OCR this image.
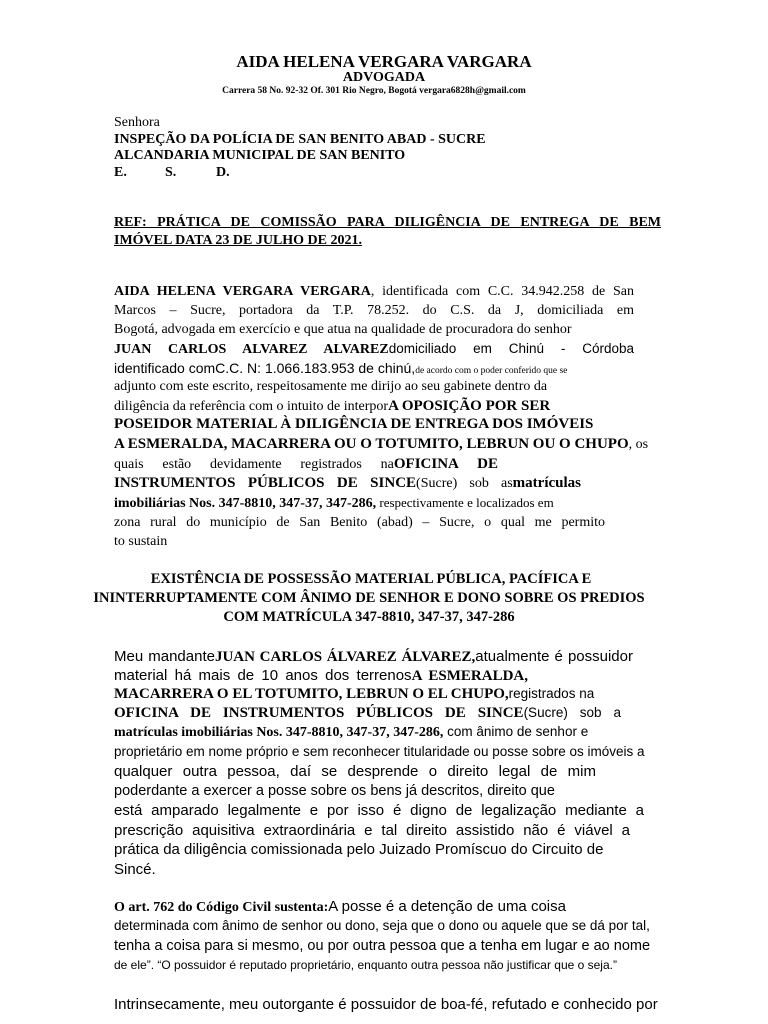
AIDA HELENA VERGARA VARGARA
ADVOGADA
Carrera 58 No. 92-32 Of. 301 Rio Negro, Bogotá vergara6828h@gmail.com
Senhora
INSPEÇÃO DA POLÍCIA DE SAN BENITO ABAD - SUCRE
ALCANDARIA MUNICIPAL DE SAN BENITO
E.	S.	D.
REF: PRÁTICA DE COMISSÃO PARA DILIGÊNCIA DE ENTREGA DE BEM
IMÓVEL DATA 23 DE JULHO DE 2021.
AIDA HELENA VERGARA VERGARA, identificada com C.C. 34.942.258 de San
Marcos – Sucre, portadora da T.P. 78.252. do C.S. da J, domiciliada em
Bogotá, advogada em exercício e que atua na qualidade de procuradora do senhor
JUAN CARLOS ALVAREZ ALVAREZdomiciliado em Chinú - Córdoba
identificado comC.C. N: 1.066.183.953 de chinú,de acordo com o poder conferido que se
adjunto com este escrito, respeitosamente me dirijo ao seu gabinete dentro da
diligência da referência com o intuito de interporA OPOSIÇÃO POR SER
POSEIDOR MATERIAL À DILIGÊNCIA DE ENTREGA DOS IMÓVEIS
A ESMERALDA, MACARRERA OU O TOTUMITO, LEBRUN OU O CHUPO, os
quais estão devidamente registrados naOFICINA DE
INSTRUMENTOS PÚBLICOS DE SINCE(Sucre) sob asmatrículas
imobiliárias Nos. 347-8810, 347-37, 347-286, respectivamente e localizados em
zona rural do município de San Benito (abad) – Sucre, o qual me permito
to sustain
EXISTÊNCIA DE POSSESSÃO MATERIAL PÚBLICA, PACÍFICA E
ININTERRUPTAMENTE COM ÂNIMO DE SENHOR E DONO SOBRE OS PREDIOS
COM MATRÍCULA 347-8810, 347-37, 347-286
Meu mandanteJUAN CARLOS ÁLVAREZ ÁLVAREZ,atualmente é possuidor
material há mais de 10 anos dos terrenosA ESMERALDA,
MACARRERA O EL TOTUMITO, LEBRUN O EL CHUPO,registrados na
OFICINA DE INSTRUMENTOS PÚBLICOS DE SINCE(Sucre) sob a
matrículas imobiliárias Nos. 347-8810, 347-37, 347-286, com ânimo de senhor e
proprietário em nome próprio e sem reconhecer titularidade ou posse sobre os imóveis a
qualquer outra pessoa, daí se desprende o direito legal de mim
poderdante a exercer a posse sobre os bens já descritos, direito que
está amparado legalmente e por isso é digno de legalização mediante a
prescrição aquisitiva extraordinária e tal direito assistido não é viável a
prática da diligência comissionada pelo Juizado Promíscuo do Circuito de
Sincé.
O art. 762 do Código Civil sustenta:A posse é a detenção de uma coisa
determinada com ânimo de senhor ou dono, seja que o dono ou aquele que se dá por tal,
tenha a coisa para si mesmo, ou por outra pessoa que a tenha em lugar e ao nome
de ele”. “O possuidor é reputado proprietário, enquanto outra pessoa não justificar que o seja.”
Intrinsecamente, meu outorgante é possuidor de boa-fé, refutado e conhecido por
